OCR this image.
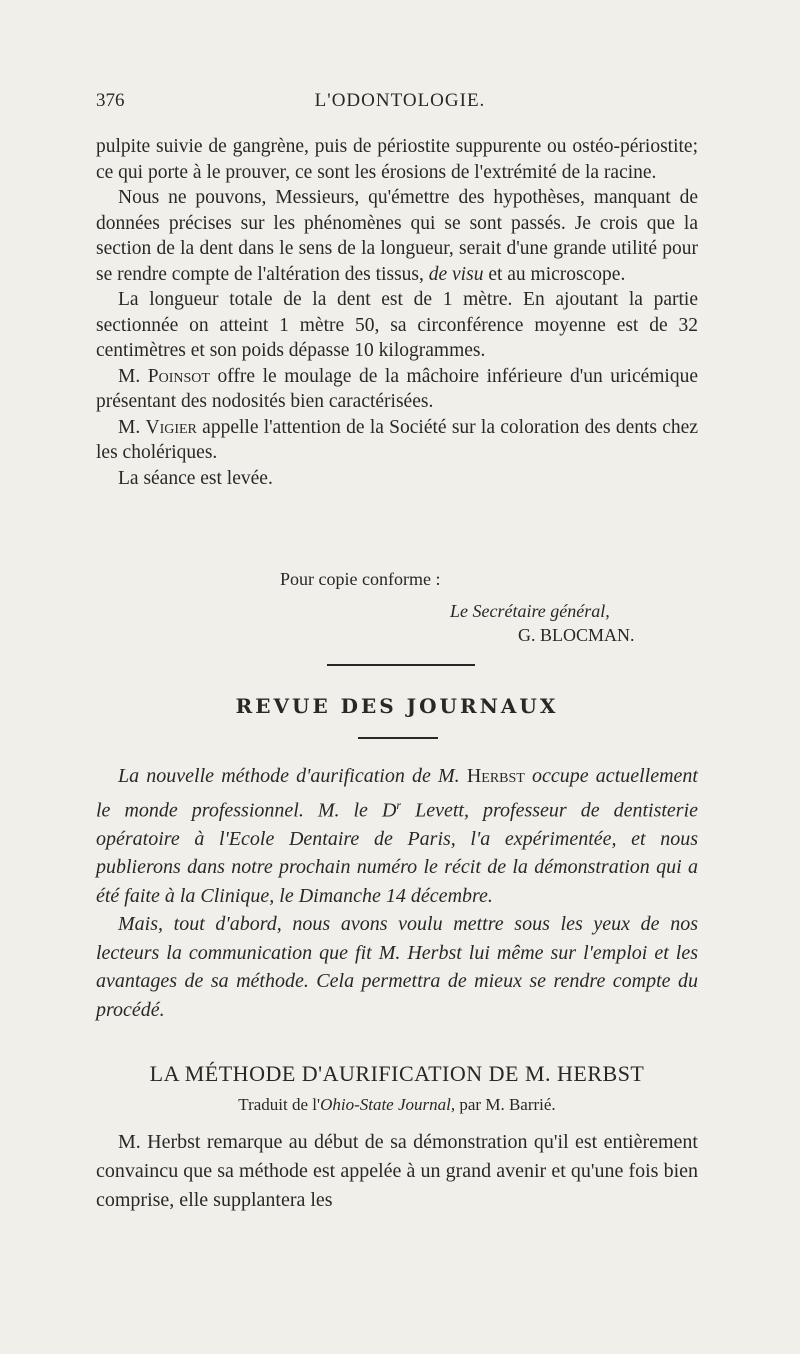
376	L'ODONTOLOGIE.

pulpite suivie de gangrène, puis de périostite suppurente ou ostéo-périostite; ce qui porte à le prouver, ce sont les érosions de l'extrémité de la racine.

Nous ne pouvons, Messieurs, qu'émettre des hypothèses, manquant de données précises sur les phénomènes qui se sont passés. Je crois que la section de la dent dans le sens de la longueur, serait d'une grande utilité pour se rendre compte de l'altération des tissus, de visu et au microscope.

La longueur totale de la dent est de 1 mètre. En ajoutant la partie sectionnée on atteint 1 mètre 50, sa circonférence moyenne est de 32 centimètres et son poids dépasse 10 kilogrammes.

M. Poinsot offre le moulage de la mâchoire inférieure d'un uricémique présentant des nodosités bien caractérisées.

M. Vigier appelle l'attention de la Société sur la coloration des dents chez les cholériques.

La séance est levée.

Pour copie conforme :
Le Secrétaire général,
G. BLOCMAN.
REVUE DES JOURNAUX

La nouvelle méthode d'aurification de M. Herbst occupe actuellement le monde professionnel. M. le $D^r$ Levett, professeur de dentisterie opératoire à l'Ecole Dentaire de Paris, l'a expérimentée, et nous publierons dans notre prochain numéro le récit de la démonstration qui a été faite à la Clinique, le Dimanche 14 décembre.

Mais, tout d'abord, nous avons voulu mettre sous les yeux de nos lecteurs la communication que fit M. Herbst lui même sur l'emploi et les avantages de sa méthode. Cela permettra de mieux se rendre compte du procédé.

LA MÉTHODE D'AURIFICATION DE M. HERBST
Traduit de l'Ohio-State Journal, par M. Barrié.

M. Herbst remarque au début de sa démonstration qu'il est entièrement convaincu que sa méthode est appelée à un grand avenir et qu'une fois bien comprise, elle supplantera les
